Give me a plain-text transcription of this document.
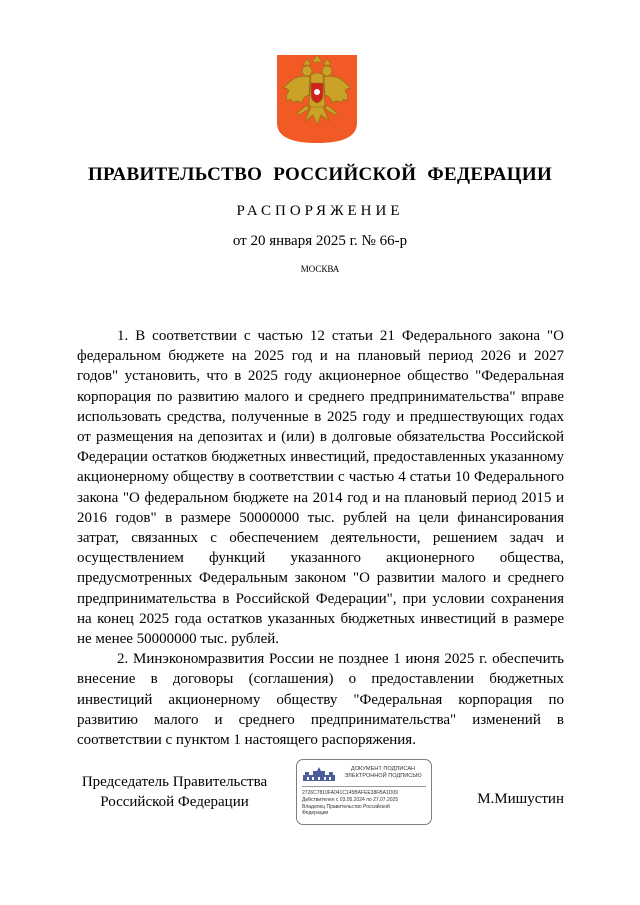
ПРАВИТЕЛЬСТВО РОССИЙСКОЙ ФЕДЕРАЦИИ
РАСПОРЯЖЕНИЕ
от 20 января 2025 г. № 66-р
МОСКВА

1. В соответствии с частью 12 статьи 21 Федерального закона "О федеральном бюджете на 2025 год и на плановый период 2026 и 2027 годов" установить, что в 2025 году акционерное общество "Федеральная корпорация по развитию малого и среднего предпринимательства" вправе использовать средства, полученные в 2025 году и предшествующих годах от размещения на депозитах и (или) в долговые обязательства Российской Федерации остатков бюджетных инвестиций, предоставленных указанному акционерному обществу в соответствии с частью 4 статьи 10 Федерального закона "О федеральном бюджете на 2014 год и на плановый период 2015 и 2016 годов" в размере 50000000 тыс. рублей на цели финансирования затрат, связанных с обеспечением деятельности, решением задач и осуществлением функций указанного акционерного общества, предусмотренных Федеральным законом "О развитии малого и среднего предпринимательства в Российской Федерации", при условии сохранения на конец 2025 года остатков указанных бюджетных инвестиций в размере не менее 50000000 тыс. рублей.

2. Минэкономразвития России не позднее 1 июня 2025 г. обеспечить внесение в договоры (соглашения) о предоставлении бюджетных инвестиций акционерному обществу "Федеральная корпорация по развитию малого и среднего предпринимательства" изменений в соответствии с пунктом 1 настоящего распоряжения.

Председатель Правительства
Российской Федерации
ДОКУМЕНТ ПОДПИСАН
ЭЛЕКТРОННОЙ ПОДПИСЬЮ
2726C7810FA041C145BAFEE38FBA1D09
Действителен с 03.05.2024 по 27.07.2025
Владелец Правительство Российской
Федерации
М.Мишустин
